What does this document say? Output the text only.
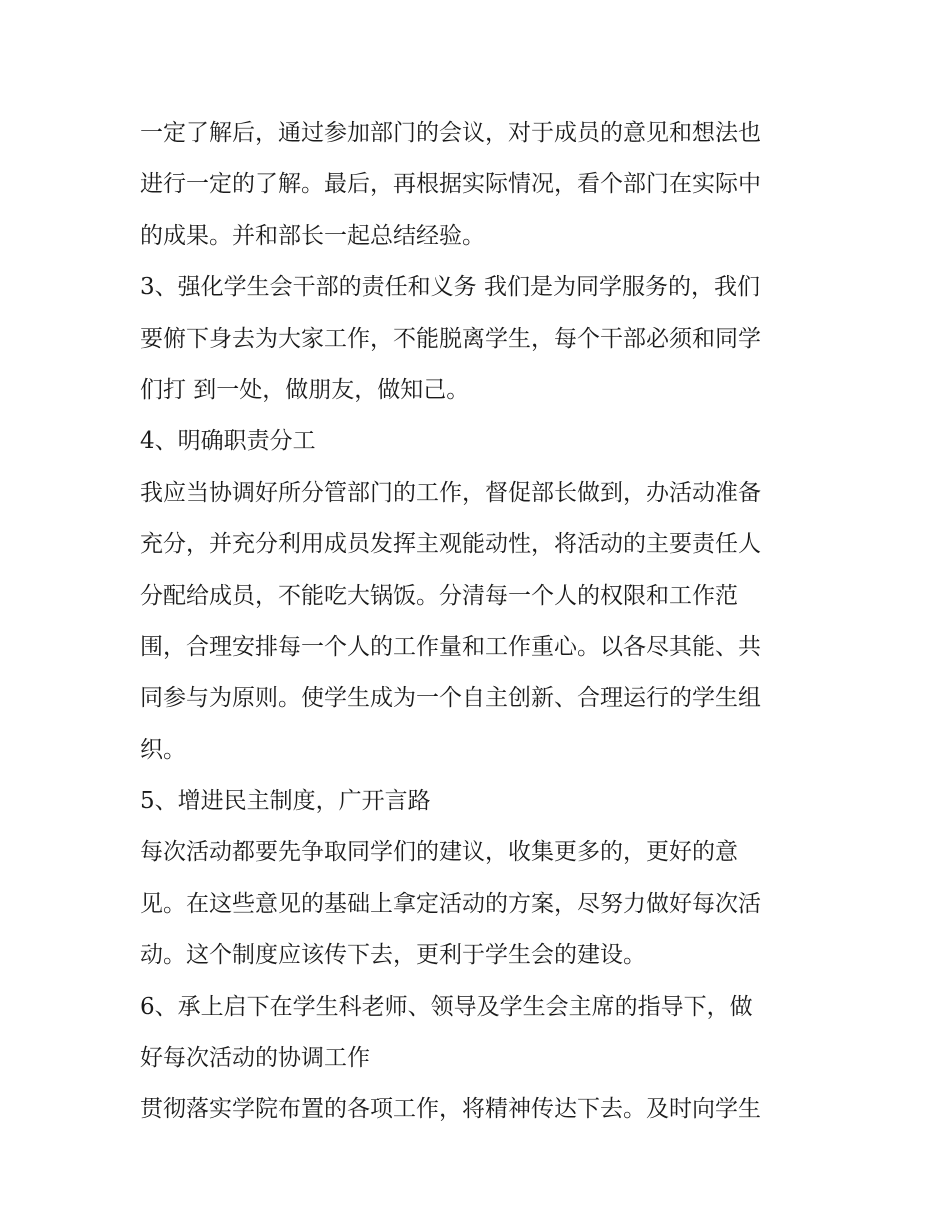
一定了解后，通过参加部门的会议，对于成员的意见和想法也
进行一定的了解。最后，再根据实际情况，看个部门在实际中
的成果。并和部长一起总结经验。
3、强化学生会干部的责任和义务 我们是为同学服务的，我们
要俯下身去为大家工作，不能脱离学生，每个干部必须和同学
们打 到一处，做朋友，做知己。
4、明确职责分工
我应当协调好所分管部门的工作，督促部长做到，办活动准备
充分，并充分利用成员发挥主观能动性，将活动的主要责任人
分配给成员，不能吃大锅饭。分清每一个人的权限和工作范
围，合理安排每一个人的工作量和工作重心。以各尽其能、共
同参与为原则。使学生成为一个自主创新、合理运行的学生组
织。
5、增进民主制度，广开言路
每次活动都要先争取同学们的建议，收集更多的，更好的意
见。在这些意见的基础上拿定活动的方案，尽努力做好每次活
动。这个制度应该传下去，更利于学生会的建设。
6、承上启下在学生科老师、领导及学生会主席的指导下，做
好每次活动的协调工作
贯彻落实学院布置的各项工作，将精神传达下去。及时向学生
